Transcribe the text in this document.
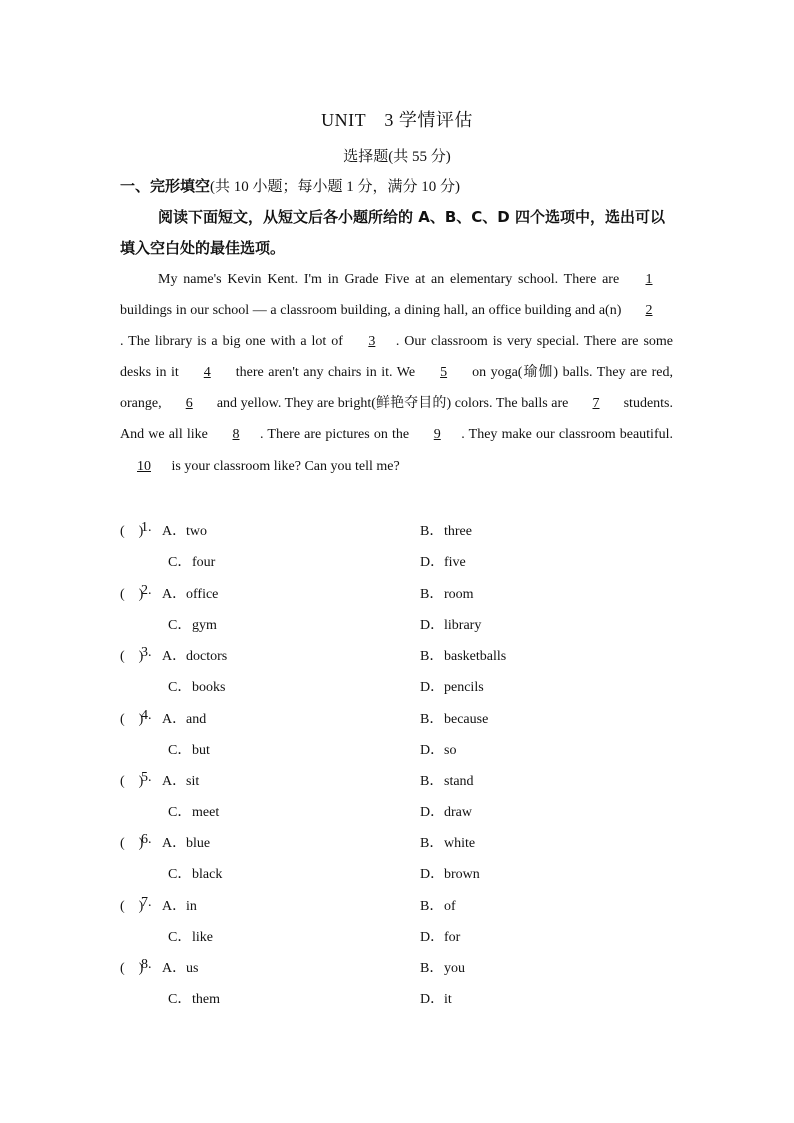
UNIT　3 学情评估
选择题(共 55 分)
一、完形填空(共 10 小题；每小题 1 分，满分 10 分)
阅读下面短文，从短文后各小题所给的 A、B、C、D 四个选项中，选出可以填入空白处的最佳选项。
My name's Kevin Kent. I'm in Grade Five at an elementary school. There are 1 buildings in our school — a classroom building, a dining hall, an office building and a(n) 2. The library is a big one with a lot of 3 . Our classroom is very special. There are some desks in it 4 there aren't any chairs in it. We 5 on yoga(瑜伽) balls. They are red, orange, 6 and yellow. They are bright(鲜艳夺目的) colors. The balls are 7 students. And we all like 8 . There are pictures on the 9 . They make our classroom beautiful. 10 is your classroom like? Can you tell me?
(　)
1. A．two	B．three
C．four	D．five
(　)
2. A．office	B．room
C．gym	D．library
(　)
3. A．doctors	B．basketballs
C．books	D．pencils
(　)
4. A．and	B．because
C．but	D．so
(　)
5. A．sit	B．stand
C．meet	D．draw
(　)
6. A．blue	B．white
C．black	D．brown
(　)
7. A．in	B．of
C．like	D．for
(　)
8. A．us	B．you
C．them	D．it
